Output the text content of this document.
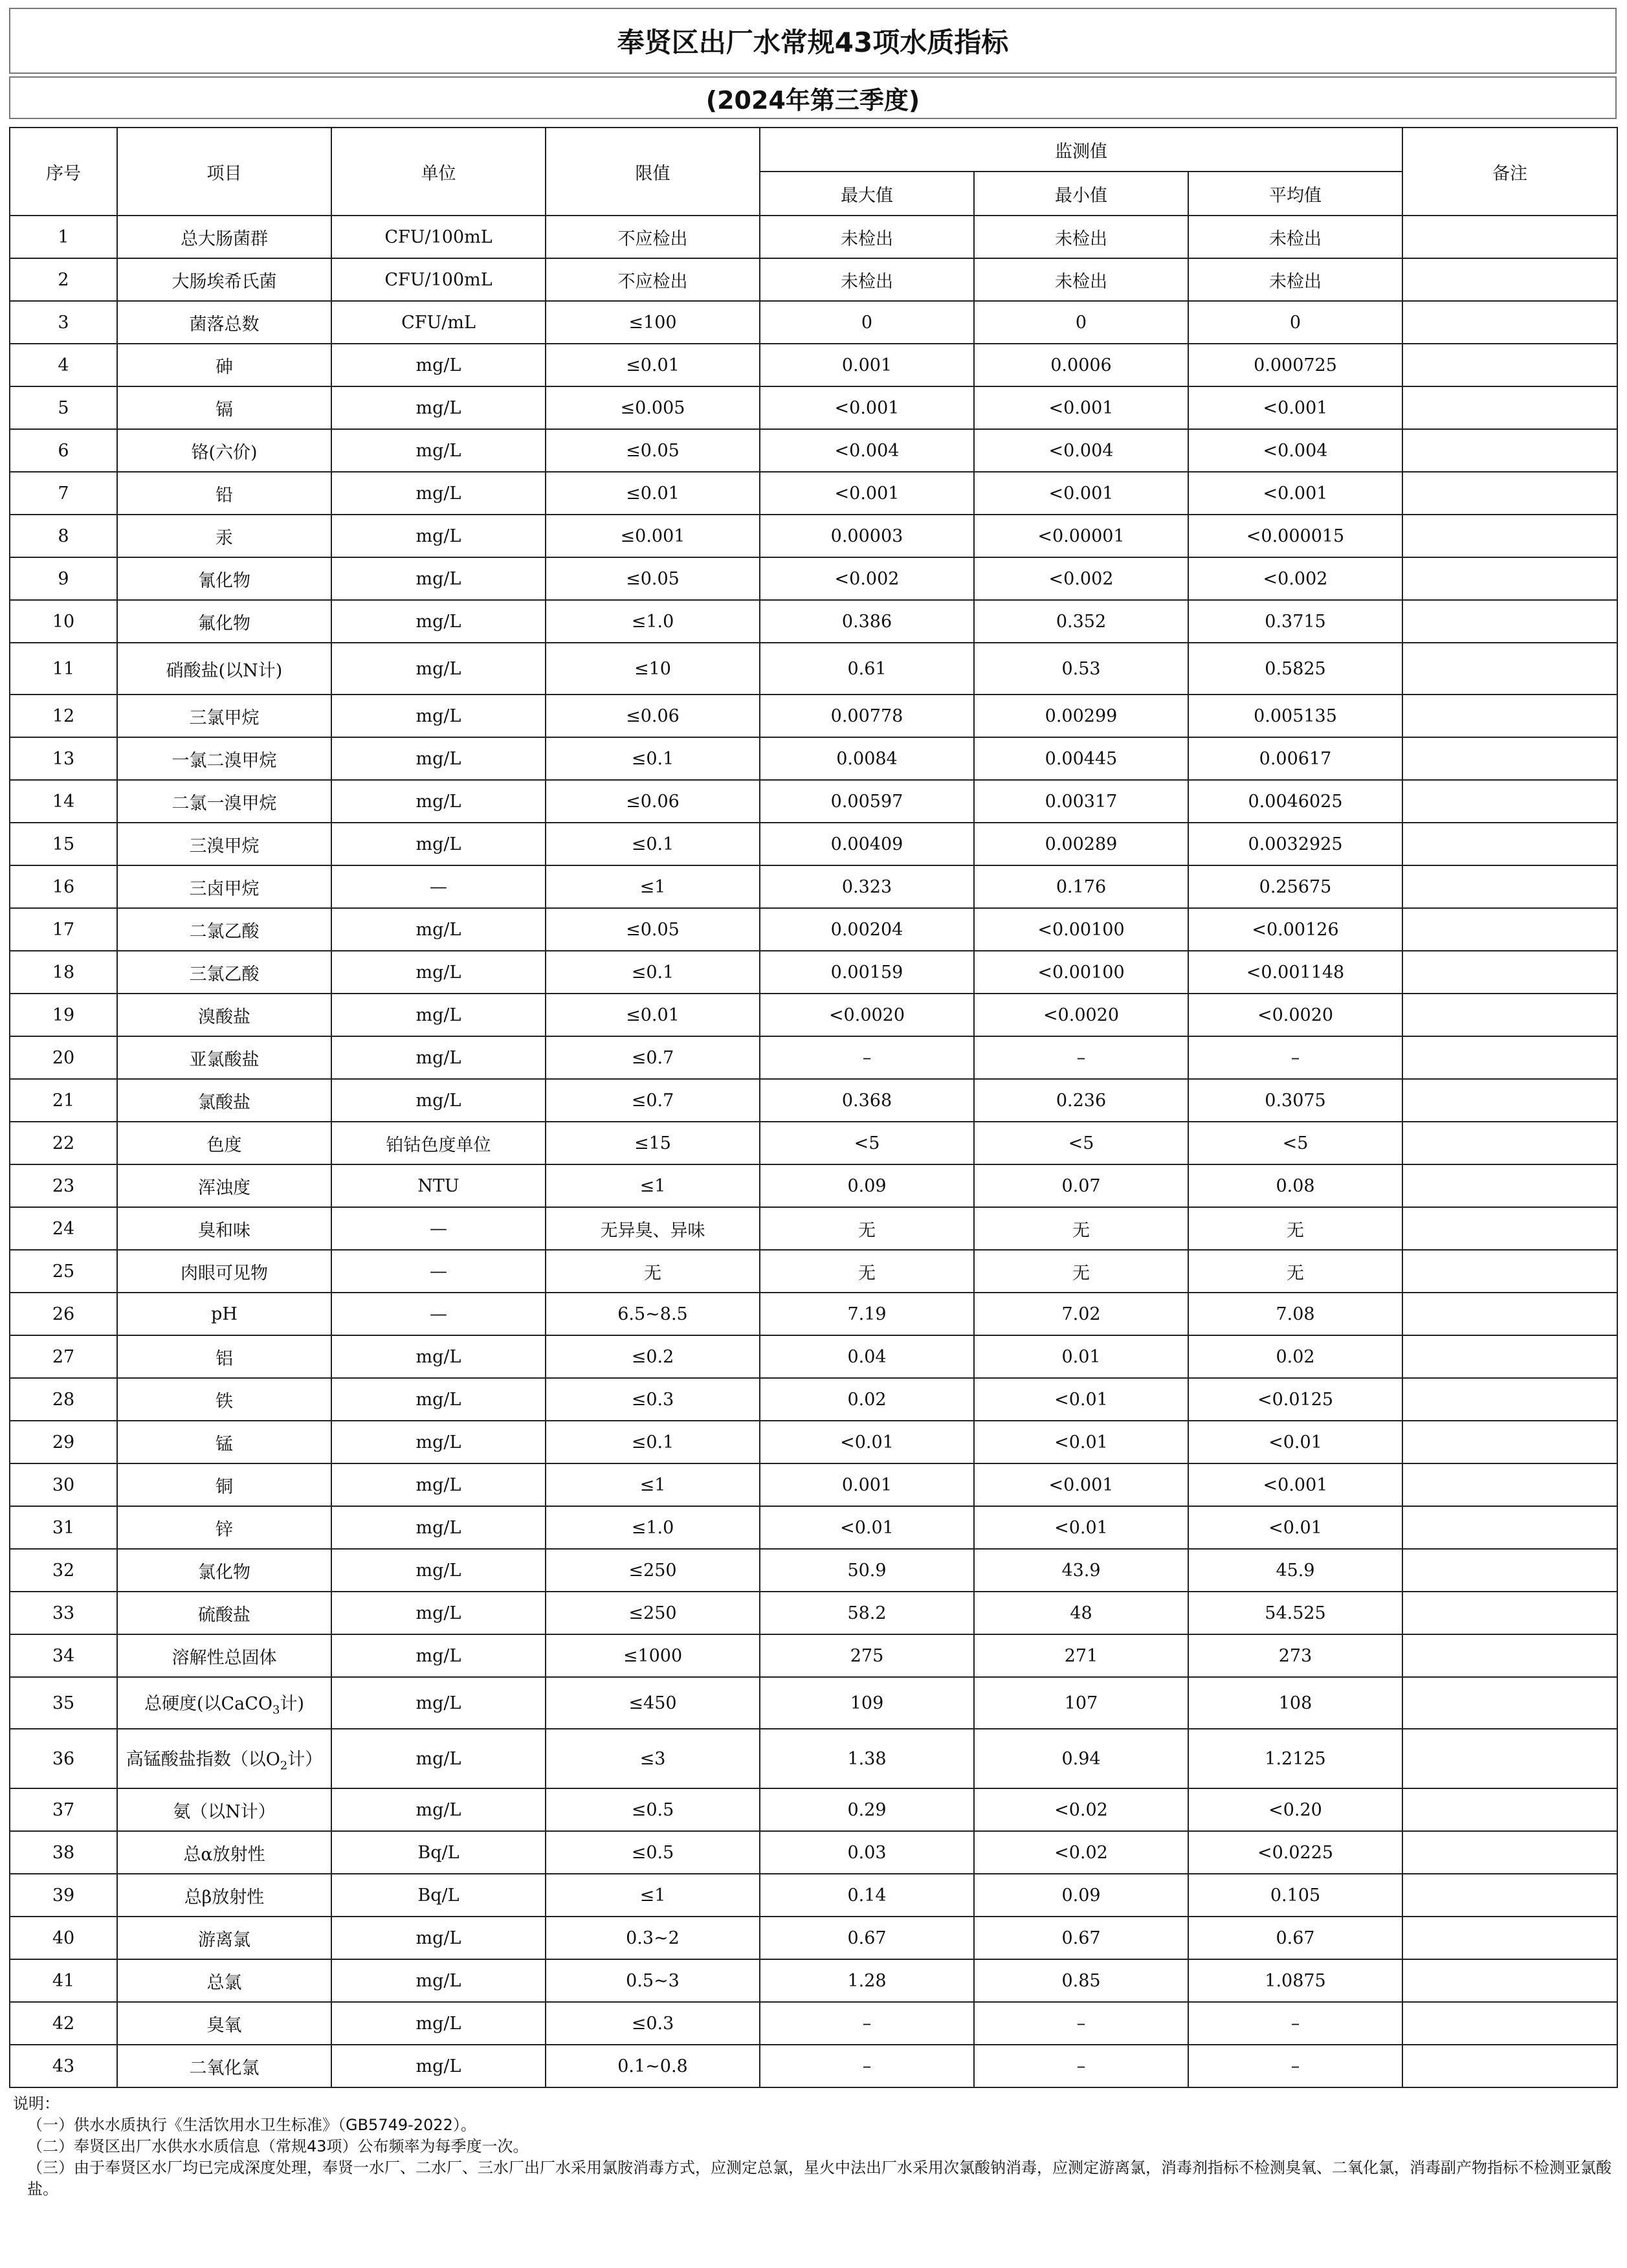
奉贤区出厂水常规43项水质指标
(2024年第三季度)
序号	项目	单位	限值	监测值			备注
				最大值	最小值	平均值	
1	总大肠菌群	CFU/100mL	不应检出	未检出	未检出	未检出	
2	大肠埃希氏菌	CFU/100mL	不应检出	未检出	未检出	未检出	
3	菌落总数	CFU/mL	≤100	0	0	0	
4	砷	mg/L	≤0.01	0.001	0.0006	0.000725	
5	镉	mg/L	≤0.005	<0.001	<0.001	<0.001	
6	铬(六价)	mg/L	≤0.05	<0.004	<0.004	<0.004	
7	铅	mg/L	≤0.01	<0.001	<0.001	<0.001	
8	汞	mg/L	≤0.001	0.00003	<0.00001	<0.000015	
9	氰化物	mg/L	≤0.05	<0.002	<0.002	<0.002	
10	氟化物	mg/L	≤1.0	0.386	0.352	0.3715	
11	硝酸盐(以N计)	mg/L	≤10	0.61	0.53	0.5825	
12	三氯甲烷	mg/L	≤0.06	0.00778	0.00299	0.005135	
13	一氯二溴甲烷	mg/L	≤0.1	0.0084	0.00445	0.00617	
14	二氯一溴甲烷	mg/L	≤0.06	0.00597	0.00317	0.0046025	
15	三溴甲烷	mg/L	≤0.1	0.00409	0.00289	0.0032925	
16	三卤甲烷	—	≤1	0.323	0.176	0.25675	
17	二氯乙酸	mg/L	≤0.05	0.00204	<0.00100	<0.00126	
18	三氯乙酸	mg/L	≤0.1	0.00159	<0.00100	<0.001148	
19	溴酸盐	mg/L	≤0.01	<0.0020	<0.0020	<0.0020	
20	亚氯酸盐	mg/L	≤0.7	–	–	–	
21	氯酸盐	mg/L	≤0.7	0.368	0.236	0.3075	
22	色度	铂钴色度单位	≤15	<5	<5	<5	
23	浑浊度	NTU	≤1	0.09	0.07	0.08	
24	臭和味	—	无异臭、异味	无	无	无	
25	肉眼可见物	—	无	无	无	无	
26	pH	—	6.5~8.5	7.19	7.02	7.08	
27	铝	mg/L	≤0.2	0.04	0.01	0.02	
28	铁	mg/L	≤0.3	0.02	<0.01	<0.0125	
29	锰	mg/L	≤0.1	<0.01	<0.01	<0.01	
30	铜	mg/L	≤1	0.001	<0.001	<0.001	
31	锌	mg/L	≤1.0	<0.01	<0.01	<0.01	
32	氯化物	mg/L	≤250	50.9	43.9	45.9	
33	硫酸盐	mg/L	≤250	58.2	48	54.525	
34	溶解性总固体	mg/L	≤1000	275	271	273	
35	总硬度(以CaCO$_3$计)	mg/L	≤450	109	107	108	
36	高锰酸盐指数（以$O_2$计）	mg/L	≤3	1.38	0.94	1.2125	
37	氨（以N计）	mg/L	≤0.5	0.29	<0.02	<0.20	
38	总α放射性	Bq/L	≤0.5	0.03	<0.02	<0.0225	
39	总β放射性	Bq/L	≤1	0.14	0.09	0.105	
40	游离氯	mg/L	0.3~2	0.67	0.67	0.67	
41	总氯	mg/L	0.5~3	1.28	0.85	1.0875	
42	臭氧	mg/L	≤0.3	–	–	–	
43	二氧化氯	mg/L	0.1~0.8	–	–	–	
说明：
（一）供水水质执行《生活饮用水卫生标准》（GB5749-2022）。
（二）奉贤区出厂水供水水质信息（常规43项）公布频率为每季度一次。
（三）由于奉贤区水厂均已完成深度处理，奉贤一水厂、二水厂、三水厂出厂水采用氯胺消毒方式，应测定总氯，星火中法出厂水采用次氯酸钠消毒，应测定游离氯，消毒剂指标不检测臭氧、二氧化氯，消毒副产物指标不检测亚氯酸盐。
